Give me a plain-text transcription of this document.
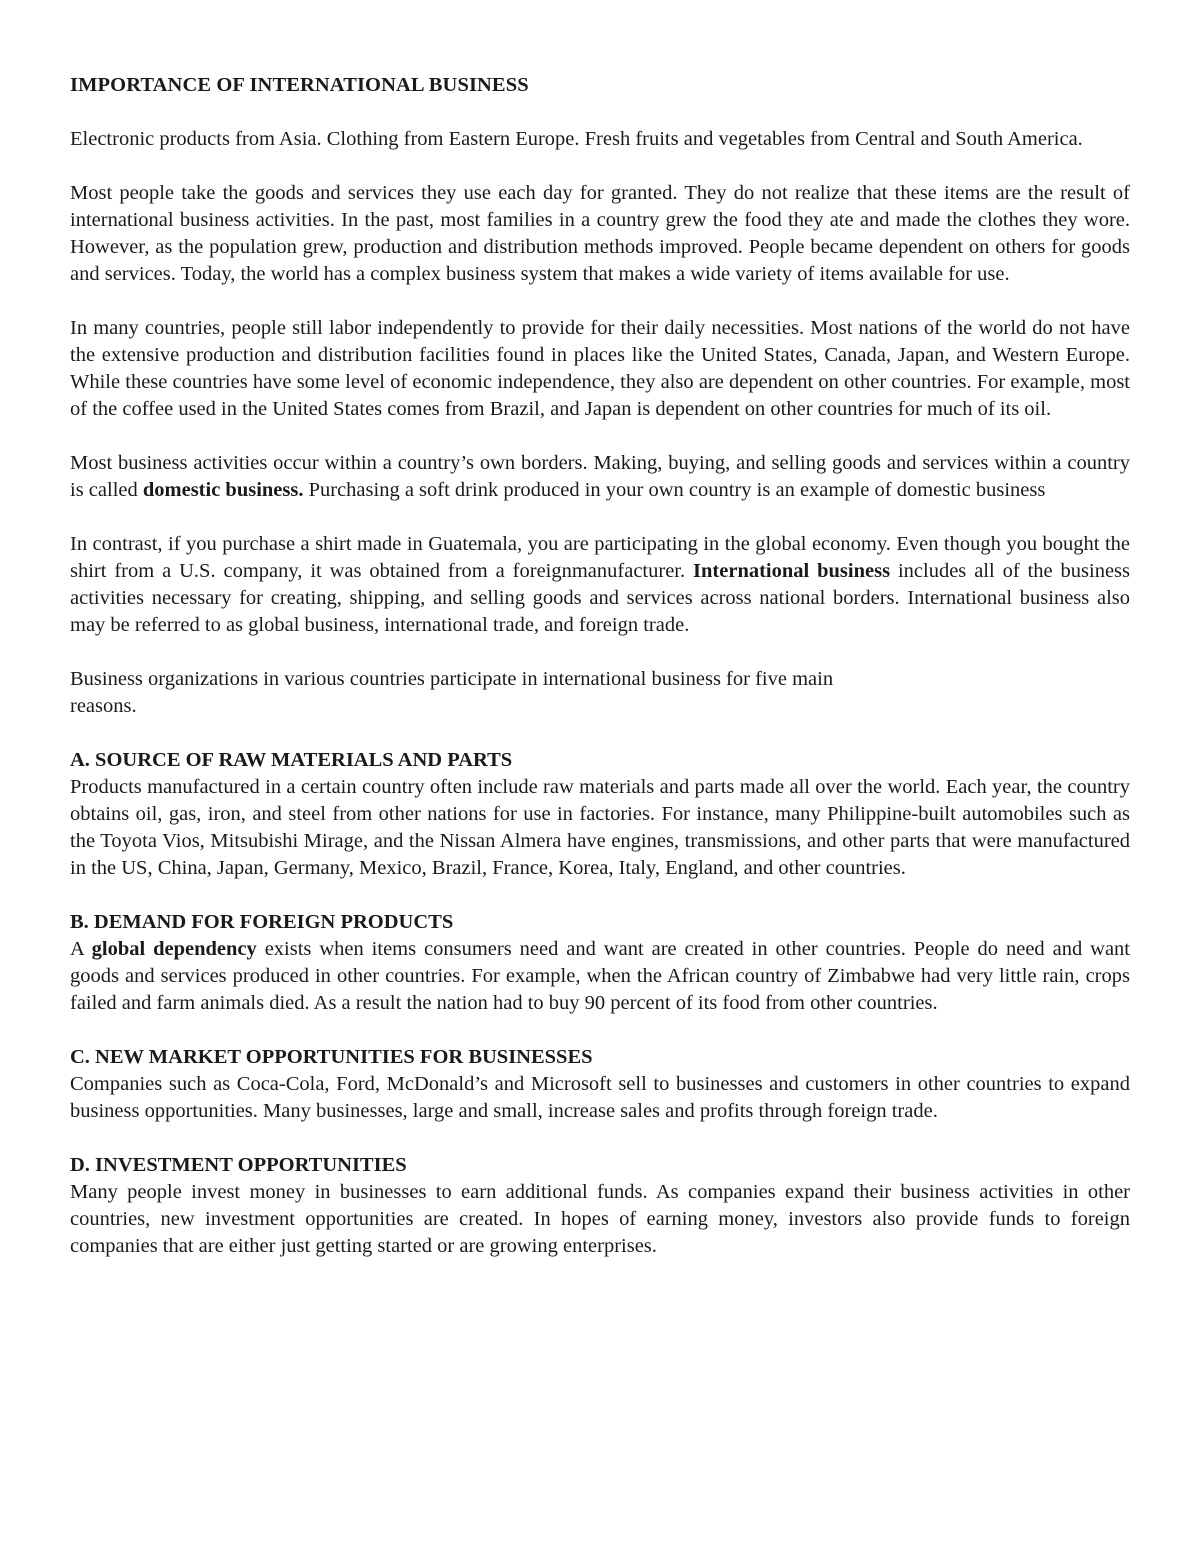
IMPORTANCE OF INTERNATIONAL BUSINESS

Electronic products from Asia. Clothing from Eastern Europe. Fresh fruits and vegetables from Central and South America.

Most people take the goods and services they use each day for granted. They do not realize that these items are the result of international business activities. In the past, most families in a country grew the food they ate and made the clothes they wore. However, as the population grew, production and distribution methods improved. People became dependent on others for goods and services. Today, the world has a complex business system that makes a wide variety of items available for use.

In many countries, people still labor independently to provide for their daily necessities. Most nations of the world do not have the extensive production and distribution facilities found in places like the United States, Canada, Japan, and Western Europe. While these countries have some level of economic independence, they also are dependent on other countries. For example, most of the coffee used in the United States comes from Brazil, and Japan is dependent on other countries for much of its oil.

Most business activities occur within a country’s own borders. Making, buying, and selling goods and services within a country is called domestic business. Purchasing a soft drink produced in your own country is an example of domestic business

In contrast, if you purchase a shirt made in Guatemala, you are participating in the global economy. Even though you bought the shirt from a U.S. company, it was obtained from a foreignmanufacturer. International business includes all of the business activities necessary for creating, shipping, and selling goods and services across national borders. International business also may be referred to as global business, international trade, and foreign trade.

Business organizations in various countries participate in international business for five main
reasons.

A. SOURCE OF RAW MATERIALS AND PARTS

Products manufactured in a certain country often include raw materials and parts made all over the world. Each year, the country obtains oil, gas, iron, and steel from other nations for use in factories. For instance, many Philippine-built automobiles such as the Toyota Vios, Mitsubishi Mirage, and the Nissan Almera have engines, transmissions, and other parts that were manufactured in the US, China, Japan, Germany, Mexico, Brazil, France, Korea, Italy, England, and other countries.

B. DEMAND FOR FOREIGN PRODUCTS

A global dependency exists when items consumers need and want are created in other countries. People do need and want goods and services produced in other countries. For example, when the African country of Zimbabwe had very little rain, crops failed and farm animals died. As a result the nation had to buy 90 percent of its food from other countries.

C. NEW MARKET OPPORTUNITIES FOR BUSINESSES

Companies such as Coca-Cola, Ford, McDonald’s and Microsoft sell to businesses and customers in other countries to expand business opportunities. Many businesses, large and small, increase sales and profits through foreign trade.

D. INVESTMENT OPPORTUNITIES

Many people invest money in businesses to earn additional funds. As companies expand their business activities in other countries, new investment opportunities are created. In hopes of earning money, investors also provide funds to foreign companies that are either just getting started or are growing enterprises.
